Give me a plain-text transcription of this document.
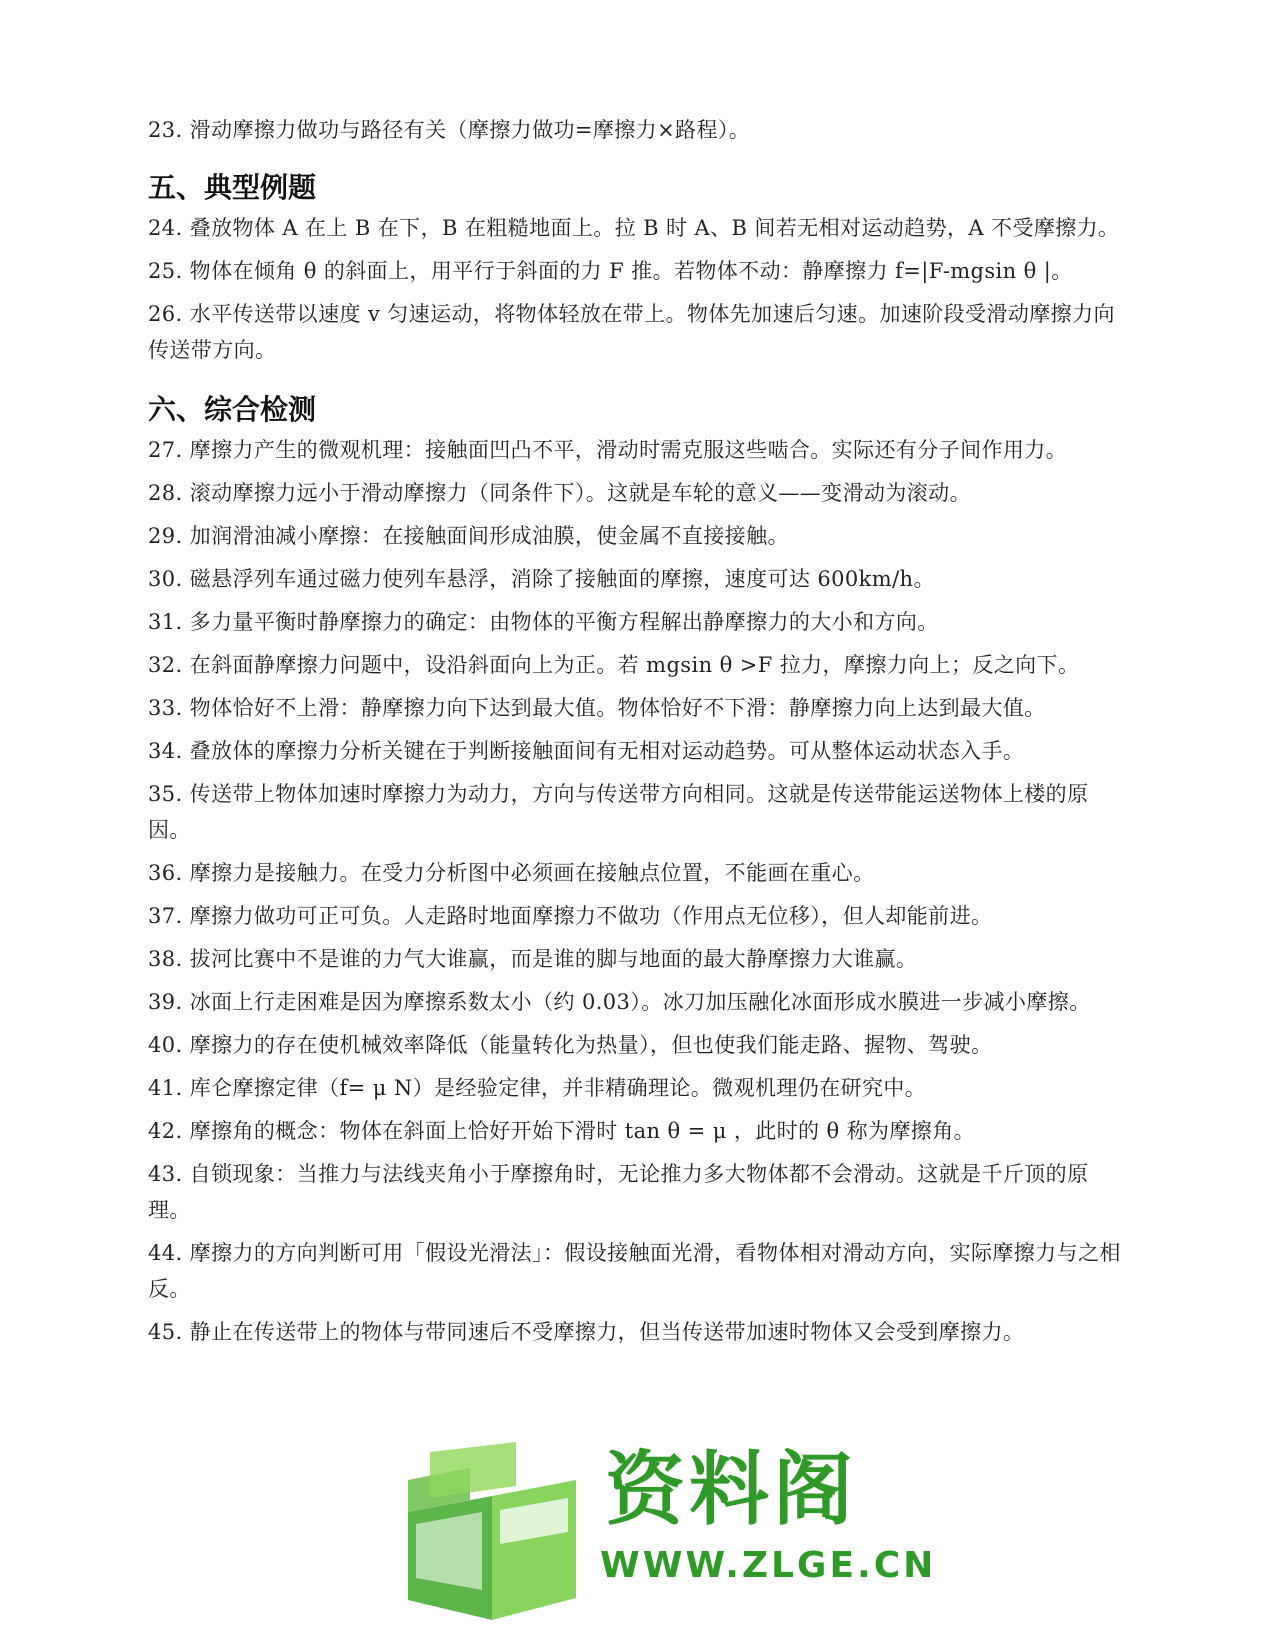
23. 滑动摩擦力做功与路径有关（摩擦力做功=摩擦力×路程）。

五、典型例题

24. 叠放物体 A 在上 B 在下，B 在粗糙地面上。拉 B 时 A、B 间若无相对运动趋势，A 不受摩擦力。

25. 物体在倾角 θ 的斜面上，用平行于斜面的力 F 推。若物体不动：静摩擦力 f=|F-mgsin θ |。

26. 水平传送带以速度 v 匀速运动，将物体轻放在带上。物体先加速后匀速。加速阶段受滑动摩擦力向传送带方向。

六、综合检测

27. 摩擦力产生的微观机理：接触面凹凸不平，滑动时需克服这些啮合。实际还有分子间作用力。

28. 滚动摩擦力远小于滑动摩擦力（同条件下）。这就是车轮的意义——变滑动为滚动。

29. 加润滑油减小摩擦：在接触面间形成油膜，使金属不直接接触。

30. 磁悬浮列车通过磁力使列车悬浮，消除了接触面的摩擦，速度可达 600km/h。

31. 多力量平衡时静摩擦力的确定：由物体的平衡方程解出静摩擦力的大小和方向。

32. 在斜面静摩擦力问题中，设沿斜面向上为正。若 mgsin θ >F 拉力，摩擦力向上；反之向下。

33. 物体恰好不上滑：静摩擦力向下达到最大值。物体恰好不下滑：静摩擦力向上达到最大值。

34. 叠放体的摩擦力分析关键在于判断接触面间有无相对运动趋势。可从整体运动状态入手。

35. 传送带上物体加速时摩擦力为动力，方向与传送带方向相同。这就是传送带能运送物体上楼的原因。

36. 摩擦力是接触力。在受力分析图中必须画在接触点位置，不能画在重心。

37. 摩擦力做功可正可负。人走路时地面摩擦力不做功（作用点无位移），但人却能前进。

38. 拔河比赛中不是谁的力气大谁赢，而是谁的脚与地面的最大静摩擦力大谁赢。

39. 冰面上行走困难是因为摩擦系数太小（约 0.03）。冰刀加压融化冰面形成水膜进一步减小摩擦。

40. 摩擦力的存在使机械效率降低（能量转化为热量），但也使我们能走路、握物、驾驶。

41. 库仑摩擦定律（f= μ N）是经验定律，并非精确理论。微观机理仍在研究中。

42. 摩擦角的概念：物体在斜面上恰好开始下滑时 tan θ = μ ，此时的 θ 称为摩擦角。

43. 自锁现象：当推力与法线夹角小于摩擦角时，无论推力多大物体都不会滑动。这就是千斤顶的原理。

44. 摩擦力的方向判断可用「假设光滑法」：假设接触面光滑，看物体相对滑动方向，实际摩擦力与之相反。

45. 静止在传送带上的物体与带同速后不受摩擦力，但当传送带加速时物体又会受到摩擦力。

资料阁
WWW.ZLGE.CN
